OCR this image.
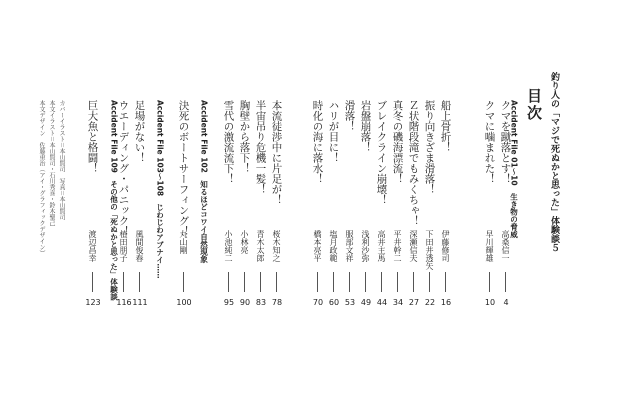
釣り人の「マジで死ぬかと思った」体験談５
目次
Accident File 01〜10　生き物の脅威
クマを蹴落とす！
高桑信一
4
クマに噛まれた！
早川輝雄
10
船上骨折！
伊藤修司
16
振り向きざま滑落！
下田井透矢
22
Ｚ状階段滝でもみくちゃ！
深瀬信夫
27
真冬の磯海漂流！
平井幹二
34
ブレイクライン崩壊！
高井主馬
44
岩盤崩落！
浅利沙弥
49
滑落！
服部文祥
53
ハリが目に！
塩月政範
60
時化の海に落水！
橋本亮平
70
本流徒渉中に片足が！
桜木知之
78
半宙吊り危機一髪！
青木太郎
83
胸壁から落下！
小林亮
90
雪代の激流流下！
小池純二
95
Accident File 102　知るほどコワイ自然現象
決死のボートサーフィング！
丸山剛
100
Accident File 103〜108　じわじわアブナイ……
足場がない！
風間俊春
111
ウエーディング・パニック！
植田朋子
116
Accident File 109　その他の「死ぬかと思った」体験談
巨大魚と格闘！
渡辺昌幸
123
カバーイラスト＝本山賢司　写真＝本山賢司
本文イラスト＝本山賢司・石川秀喜・鈴木聖己
本文デザイン　佐藤重治（アイ・グラフィックデザイン）
